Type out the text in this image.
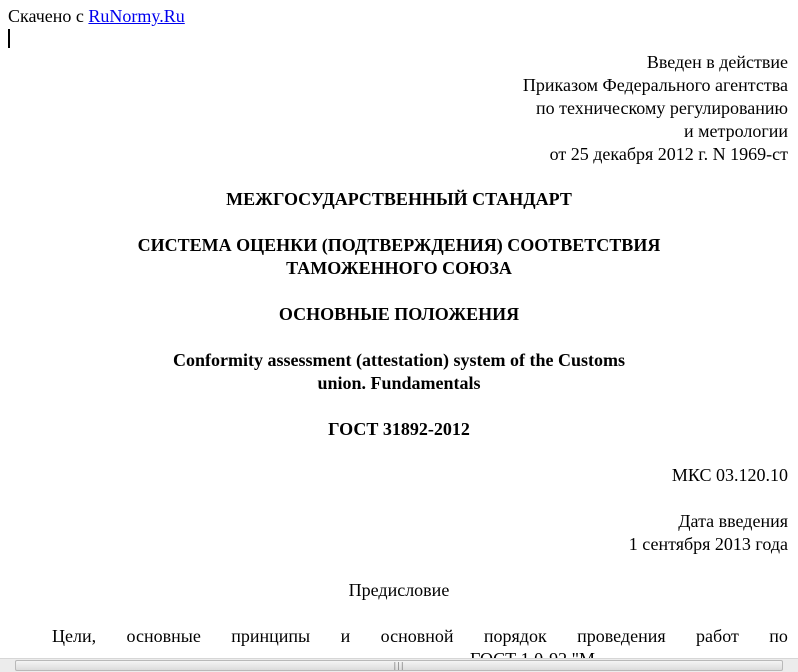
Скачено с RuNormy.Ru
Введен в действие
Приказом Федерального агентства
по техническому регулированию
и метрологии
от 25 декабря 2012 г. N 1969-ст
МЕЖГОСУДАРСТВЕННЫЙ СТАНДАРТ
СИСТЕМА ОЦЕНКИ (ПОДТВЕРЖДЕНИЯ) СООТВЕТСТВИЯ
ТАМОЖЕННОГО СОЮЗА
ОСНОВНЫЕ ПОЛОЖЕНИЯ
Conformity assessment (attestation) system of the Customs
union. Fundamentals
ГОСТ 31892-2012
МКС 03.120.10
Дата введения
1 сентября 2013 года
Предисловие
Цели, основные принципы и основной порядок проведения работ по
|||
